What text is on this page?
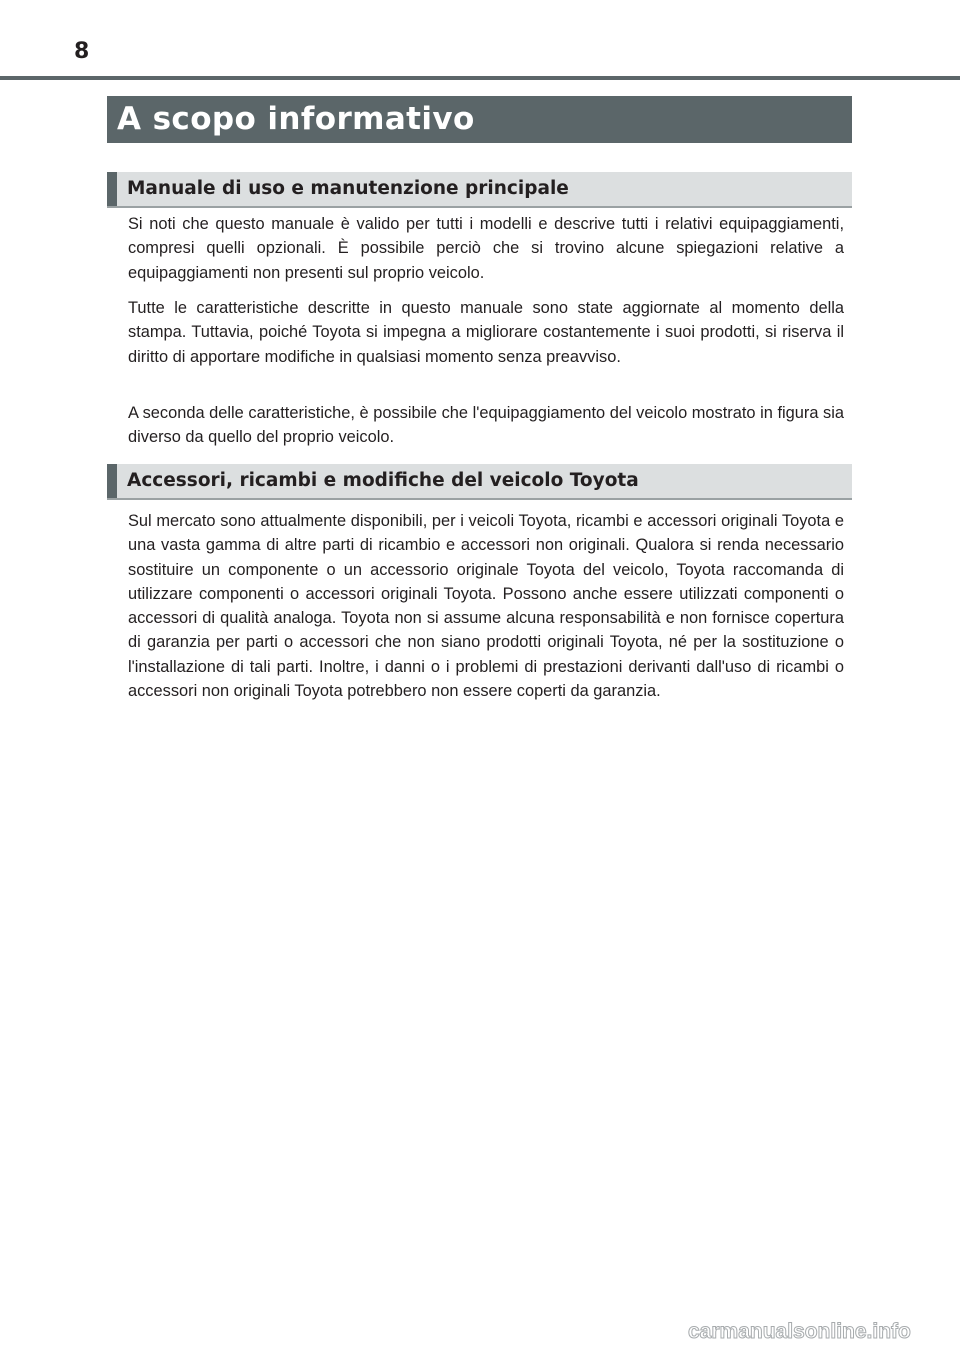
8
A scopo informativo
Manuale di uso e manutenzione principale

Si noti che questo manuale è valido per tutti i modelli e descrive tutti i relativi equipaggiamenti, compresi quelli opzionali. È possibile perciò che si trovino alcune spiegazioni relative a equipaggiamenti non presenti sul proprio veicolo.

Tutte le caratteristiche descritte in questo manuale sono state aggiornate al momento della stampa. Tuttavia, poiché Toyota si impegna a migliorare costantemente i suoi prodotti, si riserva il diritto di apportare modifiche in qualsiasi momento senza preavviso.

A seconda delle caratteristiche, è possibile che l'equipaggiamento del veicolo mostrato in figura sia diverso da quello del proprio veicolo.

Accessori, ricambi e modifiche del veicolo Toyota

Sul mercato sono attualmente disponibili, per i veicoli Toyota, ricambi e accessori originali Toyota e una vasta gamma di altre parti di ricambio e accessori non originali. Qualora si renda necessario sostituire un componente o un accessorio originale Toyota del veicolo, Toyota raccomanda di utilizzare componenti o accessori originali Toyota. Possono anche essere utilizzati componenti o accessori di qualità analoga. Toyota non si assume alcuna responsabilità e non fornisce copertura di garanzia per parti o accessori che non siano prodotti originali Toyota, né per la sostituzione o l'installazione di tali parti. Inoltre, i danni o i problemi di prestazioni derivanti dall'uso di ricambi o accessori non originali Toyota potrebbero non essere coperti da garanzia.

carmanualsonline.info
